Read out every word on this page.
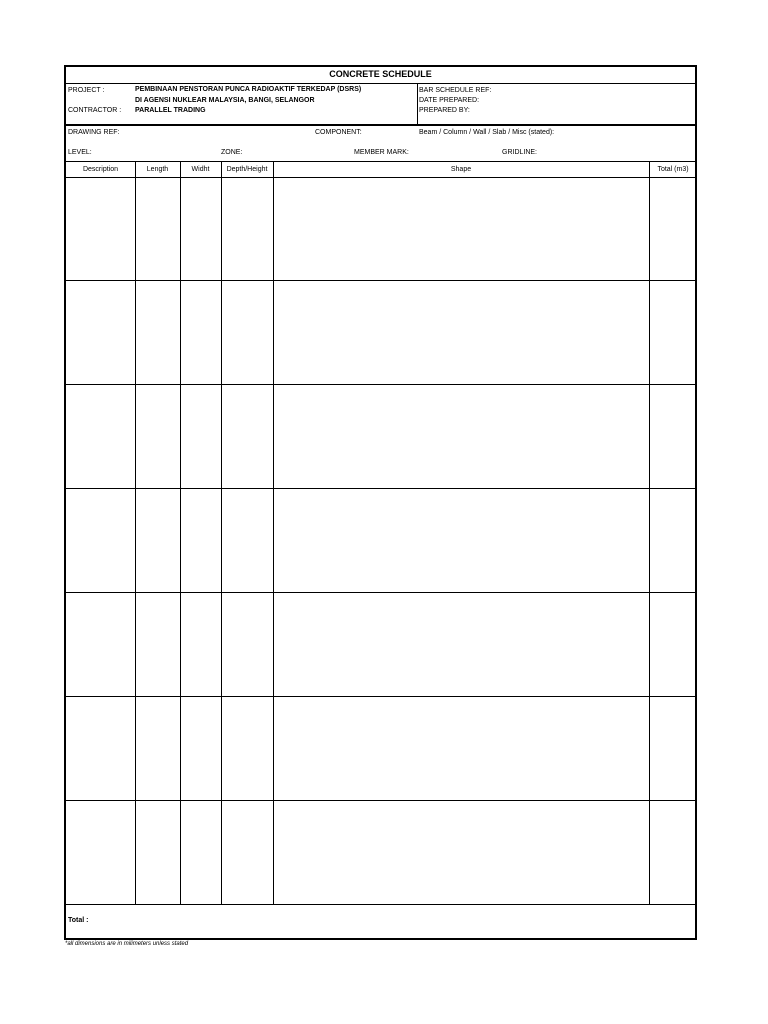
CONCRETE SCHEDULE
PROJECT :	PEMBINAAN PENSTORAN PUNCA RADIOAKTIF TERKEDAP (DSRS)
DI AGENSI NUKLEAR MALAYSIA, BANGI, SELANGOR
CONTRACTOR : PARALLEL TRADING
BAR SCHEDULE REF:
DATE PREPARED:
PREPARED BY:
DRAWING REF:	COMPONENT:	Beam / Column / Wall / Slab / Misc (stated):
LEVEL:	ZONE:	MEMBER MARK:	GRIDLINE:
Description	Length	Widht	Depth/Height	Shape	Total (m3)
Total :
*all dimensions are in milimeters unless stated
